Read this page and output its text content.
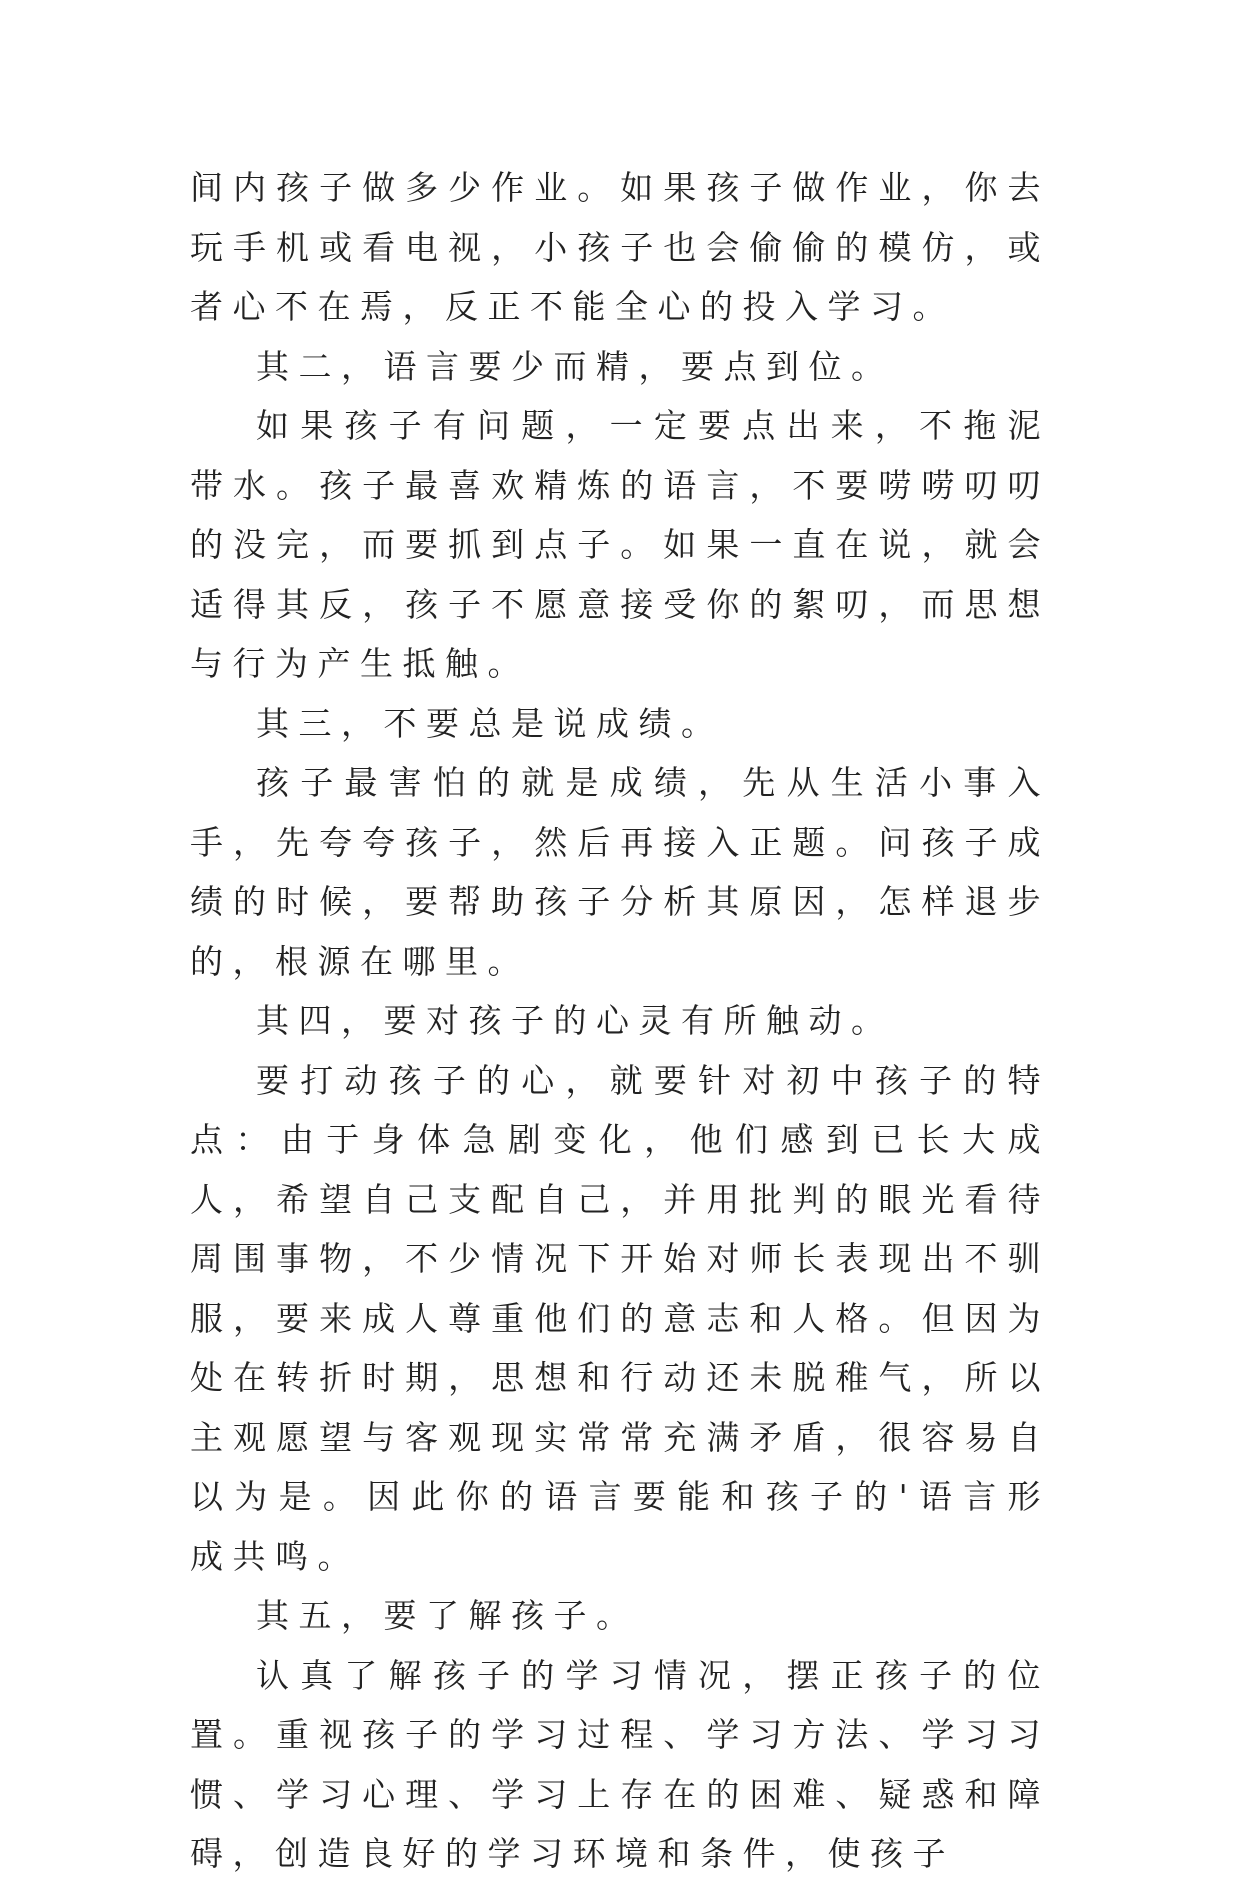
间内孩子做多少作业。如果孩子做作业，你去玩手机或看电视，小孩子也会偷偷的模仿，或者心不在焉，反正不能全心的投入学习。

其二，语言要少而精，要点到位。

如果孩子有问题，一定要点出来，不拖泥带水。孩子最喜欢精炼的语言，不要唠唠叨叨的没完，而要抓到点子。如果一直在说，就会适得其反，孩子不愿意接受你的絮叨，而思想与行为产生抵触。

其三，不要总是说成绩。

孩子最害怕的就是成绩，先从生活小事入手，先夸夸孩子，然后再接入正题。问孩子成绩的时候，要帮助孩子分析其原因，怎样退步的，根源在哪里。

其四，要对孩子的心灵有所触动。

要打动孩子的心，就要针对初中孩子的特点：由于身体急剧变化，他们感到已长大成人，希望自己支配自己，并用批判的眼光看待周围事物，不少情况下开始对师长表现出不驯服，要来成人尊重他们的意志和人格。但因为处在转折时期，思想和行动还未脱稚气，所以主观愿望与客观现实常常充满矛盾，很容易自以为是。因此你的语言要能和孩子的'语言形成共鸣。

其五，要了解孩子。

认真了解孩子的学习情况，摆正孩子的位置。重视孩子的学习过程、学习方法、学习习惯、学习心理、学习上存在的困难、疑惑和障碍，创造良好的学习环境和条件，使孩子
